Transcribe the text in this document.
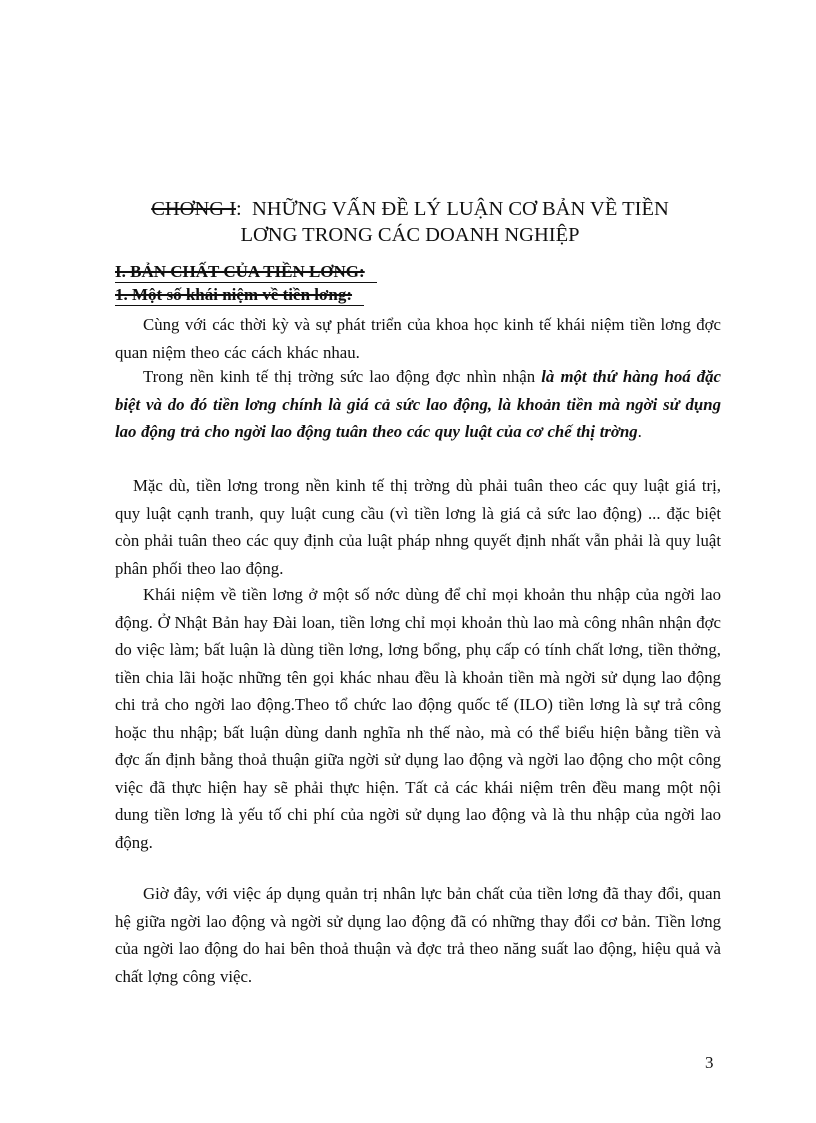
CHƠNG I:  NHỮNG VẤN ĐỀ LÝ LUẬN CƠ BẢN VỀ TIỀN
LƠNG TRONG CÁC DOANH NGHIỆP
I. BẢN CHẤT CỦA TIỀN LƠNG:
1. Một số khái niệm về tiền lơng:

Cùng với các thời kỳ và sự phát triển của khoa học kinh tế khái niệm tiền lơng đợc quan niệm theo các cách khác nhau.

Trong nền kinh tế thị trờng sức lao động đợc nhìn nhận là một thứ hàng hoá đặc biệt và do đó tiền lơng chính là giá cả sức lao động, là khoản tiền mà ngời sử dụng lao động trả cho ngời lao động tuân theo các quy luật của cơ chế thị trờng.

Mặc dù, tiền lơng trong nền kinh tế thị trờng dù phải tuân theo các quy luật giá trị, quy luật cạnh tranh, quy luật cung cầu (vì tiền lơng là giá cả sức lao động) ... đặc biệt còn phải tuân theo các quy định của luật pháp nhng quyết định nhất vẫn phải là quy luật phân phối theo lao động.

Khái niệm về tiền lơng ở một số nớc dùng để chỉ mọi khoản thu nhập của ngời lao động. Ở Nhật Bản hay Đài loan, tiền lơng chỉ mọi khoản thù lao mà công nhân nhận đợc do việc làm; bất luận là dùng tiền lơng, lơng bổng, phụ cấp có tính chất lơng, tiền thởng, tiền chia lãi hoặc những tên gọi khác nhau đều là khoản tiền mà ngời sử dụng lao động chi trả cho ngời lao động.Theo tổ chức lao động quốc tế (ILO) tiền lơng là sự trả công hoặc thu nhập; bất luận dùng danh nghĩa nh thế nào, mà có thể biểu hiện bằng tiền và đợc ấn định bằng thoả thuận giữa ngời sử dụng lao động và ngời lao động cho một công việc đã thực hiện hay sẽ phải thực hiện. Tất cả các khái niệm trên đều mang một nội dung tiền lơng là yếu tố chi phí của ngời sử dụng lao động và là thu nhập của ngời lao động.

Giờ đây, với việc áp dụng quản trị nhân lực bản chất của tiền lơng đã thay đổi, quan hệ giữa ngời lao động và ngời sử dụng lao động đã có những thay đổi cơ bản. Tiền lơng của ngời lao động do hai bên thoả thuận và đợc trả theo năng suất lao động, hiệu quả và chất lợng công việc.

3
